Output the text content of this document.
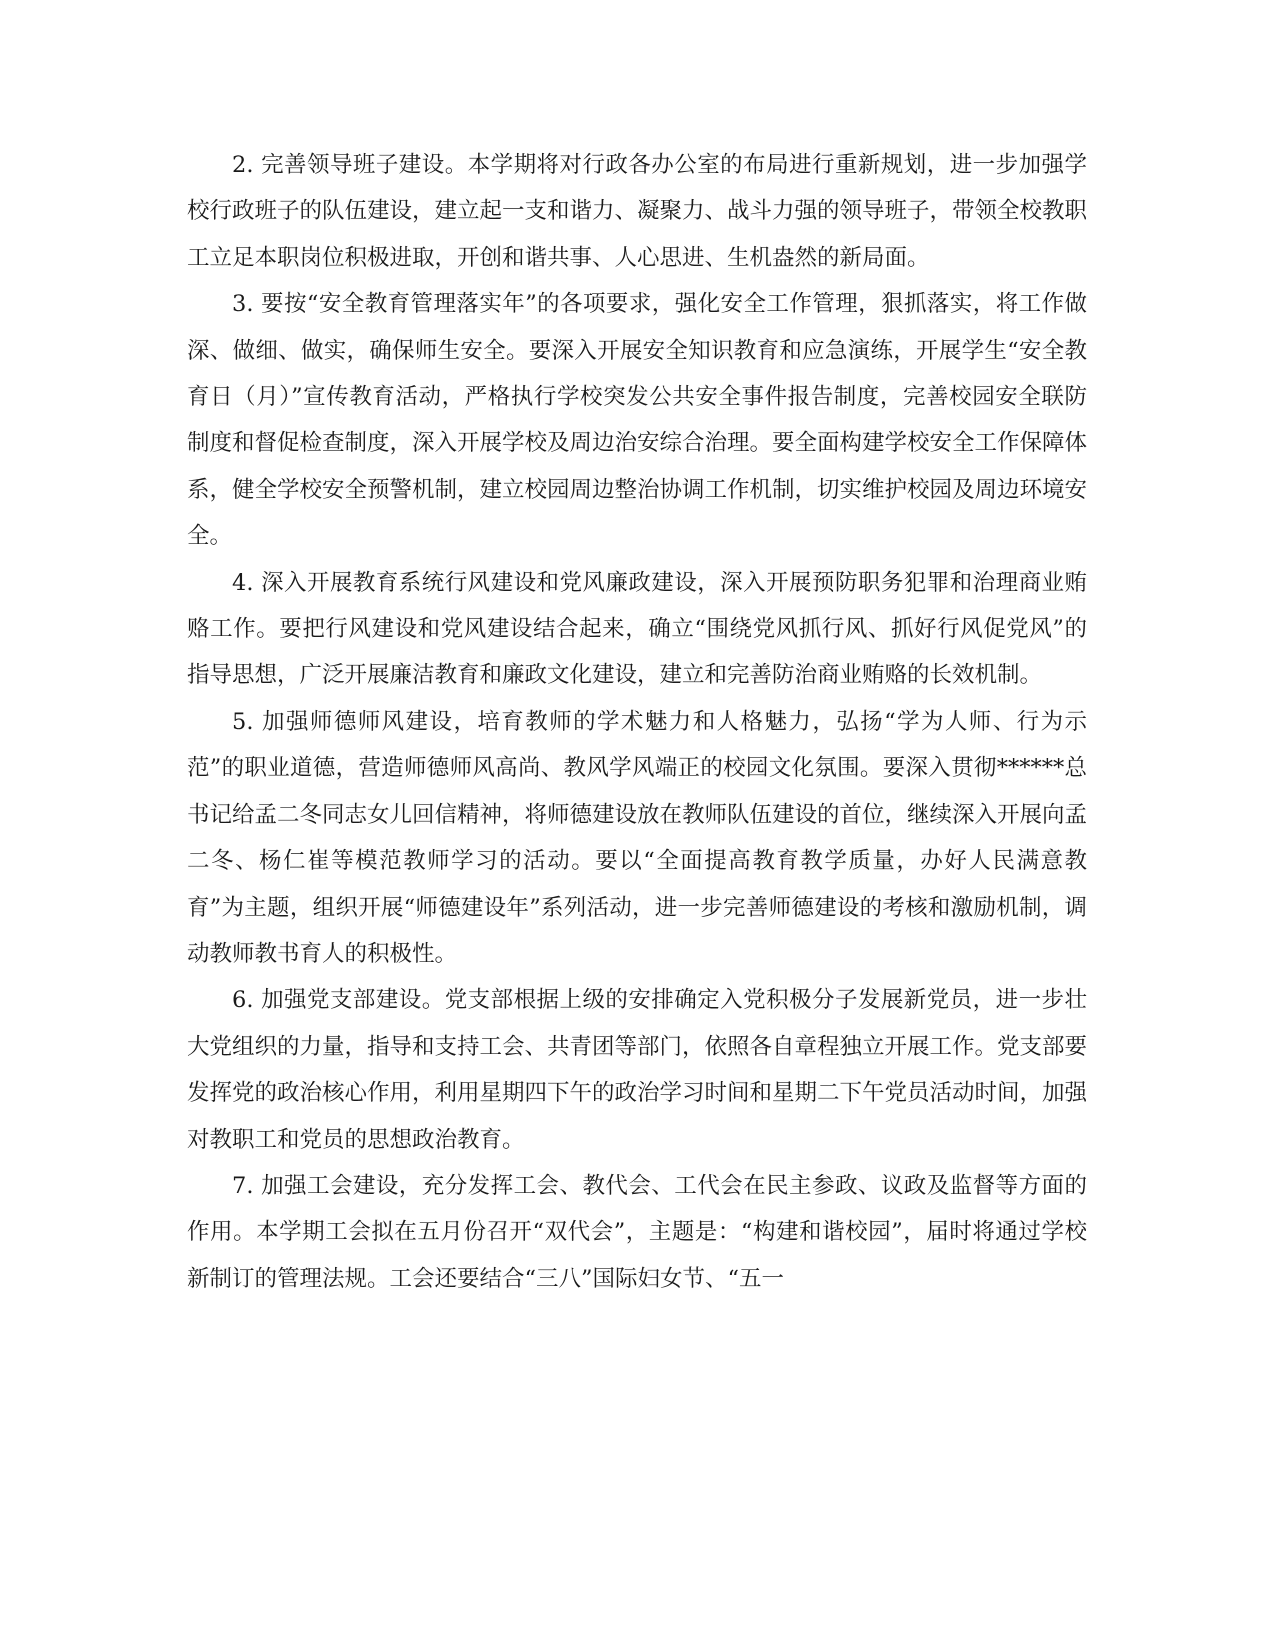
2. 完善领导班子建设。本学期将对行政各办公室的布局进行重新规划，进一步加强学校行政班子的队伍建设，建立起一支和谐力、凝聚力、战斗力强的领导班子，带领全校教职工立足本职岗位积极进取，开创和谐共事、人心思进、生机盎然的新局面。

3. 要按“安全教育管理落实年”的各项要求，强化安全工作管理，狠抓落实，将工作做深、做细、做实，确保师生安全。要深入开展安全知识教育和应急演练，开展学生“安全教育日（月）”宣传教育活动，严格执行学校突发公共安全事件报告制度，完善校园安全联防制度和督促检查制度，深入开展学校及周边治安综合治理。要全面构建学校安全工作保障体系，健全学校安全预警机制，建立校园周边整治协调工作机制，切实维护校园及周边环境安全。

4. 深入开展教育系统行风建设和党风廉政建设，深入开展预防职务犯罪和治理商业贿赂工作。要把行风建设和党风建设结合起来，确立“围绕党风抓行风、抓好行风促党风”的指导思想，广泛开展廉洁教育和廉政文化建设，建立和完善防治商业贿赂的长效机制。

5. 加强师德师风建设，培育教师的学术魅力和人格魅力，弘扬“学为人师、行为示范”的职业道德，营造师德师风高尚、教风学风端正的校园文化氛围。要深入贯彻******总书记给孟二冬同志女儿回信精神，将师德建设放在教师队伍建设的首位，继续深入开展向孟二冬、杨仁崔等模范教师学习的活动。要以“全面提高教育教学质量，办好人民满意教育”为主题，组织开展“师德建设年”系列活动，进一步完善师德建设的考核和激励机制，调动教师教书育人的积极性。

6. 加强党支部建设。党支部根据上级的安排确定入党积极分子发展新党员，进一步壮大党组织的力量，指导和支持工会、共青团等部门，依照各自章程独立开展工作。党支部要发挥党的政治核心作用，利用星期四下午的政治学习时间和星期二下午党员活动时间，加强对教职工和党员的思想政治教育。

7. 加强工会建设，充分发挥工会、教代会、工代会在民主参政、议政及监督等方面的作用。本学期工会拟在五月份召开“双代会”，主题是：“构建和谐校园”，届时将通过学校新制订的管理法规。工会还要结合“三八”国际妇女节、“五一
